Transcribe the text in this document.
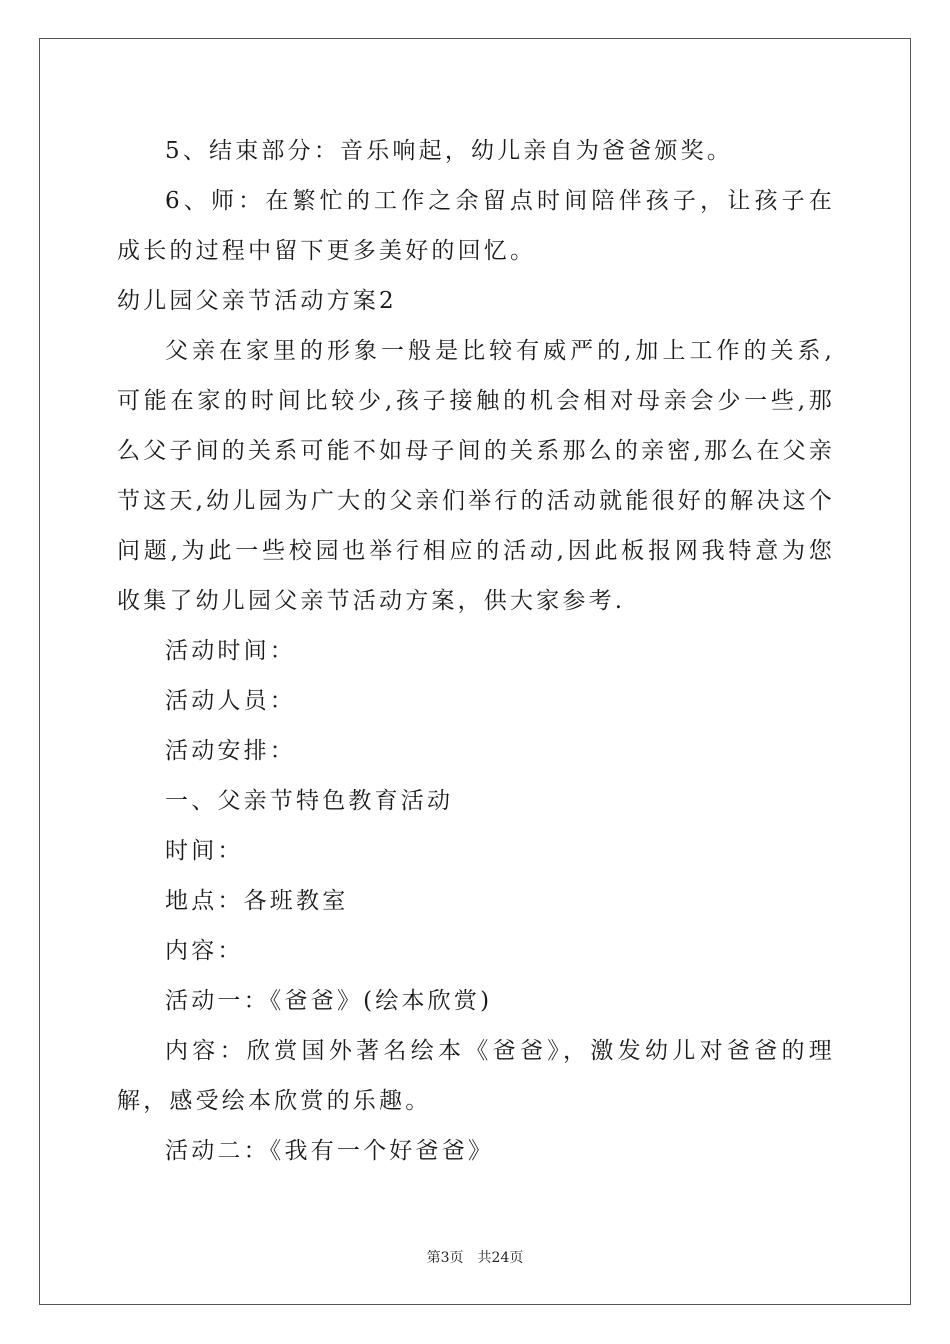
5、结束部分：音乐响起，幼儿亲自为爸爸颁奖。

6、师：在繁忙的工作之余留点时间陪伴孩子，让孩子在成长的过程中留下更多美好的回忆。

幼儿园父亲节活动方案2

父亲在家里的形象一般是比较有威严的,加上工作的关系,可能在家的时间比较少,孩子接触的机会相对母亲会少一些,那么父子间的关系可能不如母子间的关系那么的亲密,那么在父亲节这天,幼儿园为广大的父亲们举行的活动就能很好的解决这个问题,为此一些校园也举行相应的活动,因此板报网我特意为您收集了幼儿园父亲节活动方案，供大家参考.

活动时间：

活动人员：

活动安排：

一、父亲节特色教育活动

时间：

地点：各班教室

内容：

活动一：《爸爸》(绘本欣赏)

内容：欣赏国外著名绘本《爸爸》，激发幼儿对爸爸的理解，感受绘本欣赏的乐趣。

活动二：《我有一个好爸爸》

第3页 共24页
